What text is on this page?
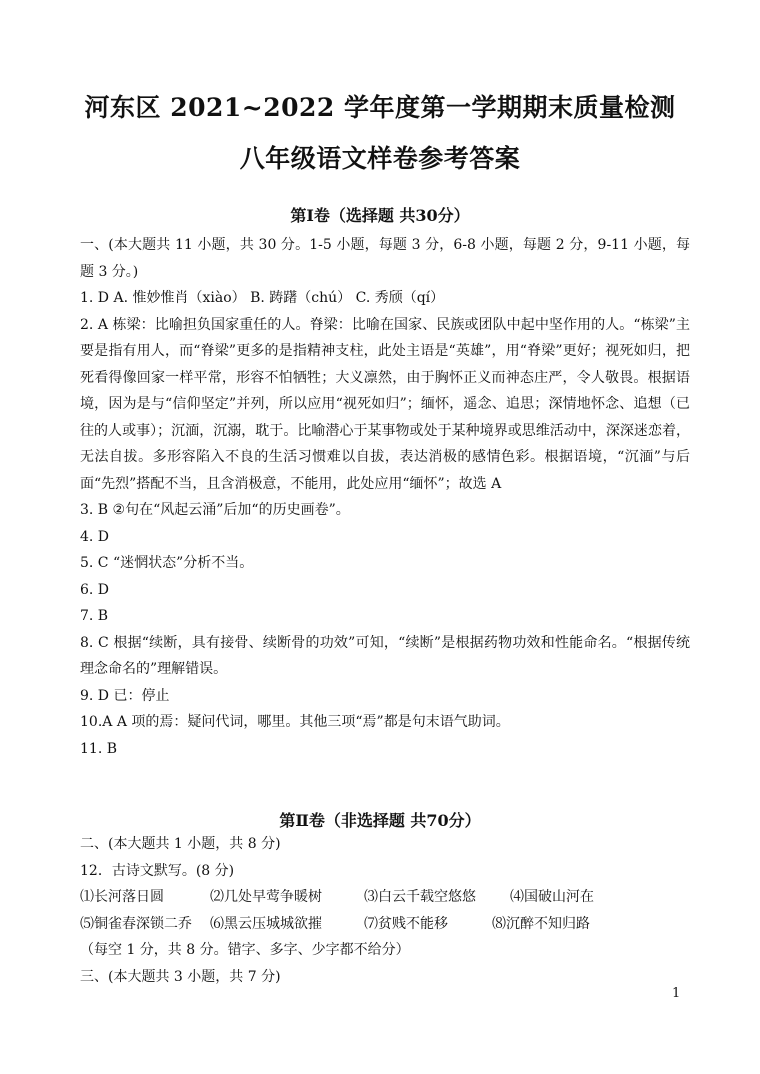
河东区 2021~2022 学年度第一学期期末质量检测
八年级语文样卷参考答案
第Ⅰ卷（选择题 共30分）

一、(本大题共 11 小题，共 30 分。1-5 小题，每题 3 分，6-8 小题，每题 2 分，9-11 小题，每题 3 分。)

1. D A. 惟妙惟肖（xiào） B. 踌躇（chú） C. 秀颀（qí）

2. A 栋梁：比喻担负国家重任的人。脊梁：比喻在国家、民族或团队中起中坚作用的人。“栋梁”主要是指有用人，而“脊梁”更多的是指精神支柱，此处主语是“英雄”，用“脊梁”更好；视死如归，把死看得像回家一样平常，形容不怕牺牲；大义凛然，由于胸怀正义而神态庄严，令人敬畏。根据语境，因为是与“信仰坚定”并列，所以应用“视死如归”；缅怀，遥念、追思；深情地怀念、追想（已往的人或事）；沉湎，沉溺，耽于。比喻潜心于某事物或处于某种境界或思维活动中，深深迷恋着，无法自拔。多形容陷入不良的生活习惯难以自拔，表达消极的感情色彩。根据语境，“沉湎”与后面“先烈”搭配不当，且含消极意，不能用，此处应用“缅怀”；故选 A

3. B ②句在“风起云涌”后加“的历史画卷”。

4. D

5. C “迷惘状态”分析不当。

6. D

7. B

8. C 根据“续断，具有接骨、续断骨的功效”可知，“续断”是根据药物功效和性能命名。“根据传统理念命名的”理解错误。

9. D 已：停止

10.A A 项的焉：疑问代词，哪里。其他三项“焉”都是句末语气助词。

11. B

第Ⅱ卷（非选择题 共70分）

二、(本大题共 1 小题，共 8 分)

12．古诗文默写。(8 分)

⑴长河落日圆	⑵几处早莺争暖树	⑶白云千载空悠悠	⑷国破山河在
⑸铜雀春深锁二乔	⑹黑云压城城欲摧	⑺贫贱不能移	⑻沉醉不知归路

（每空 1 分，共 8 分。错字、多字、少字都不给分）

三、(本大题共 3 小题，共 7 分)

1
